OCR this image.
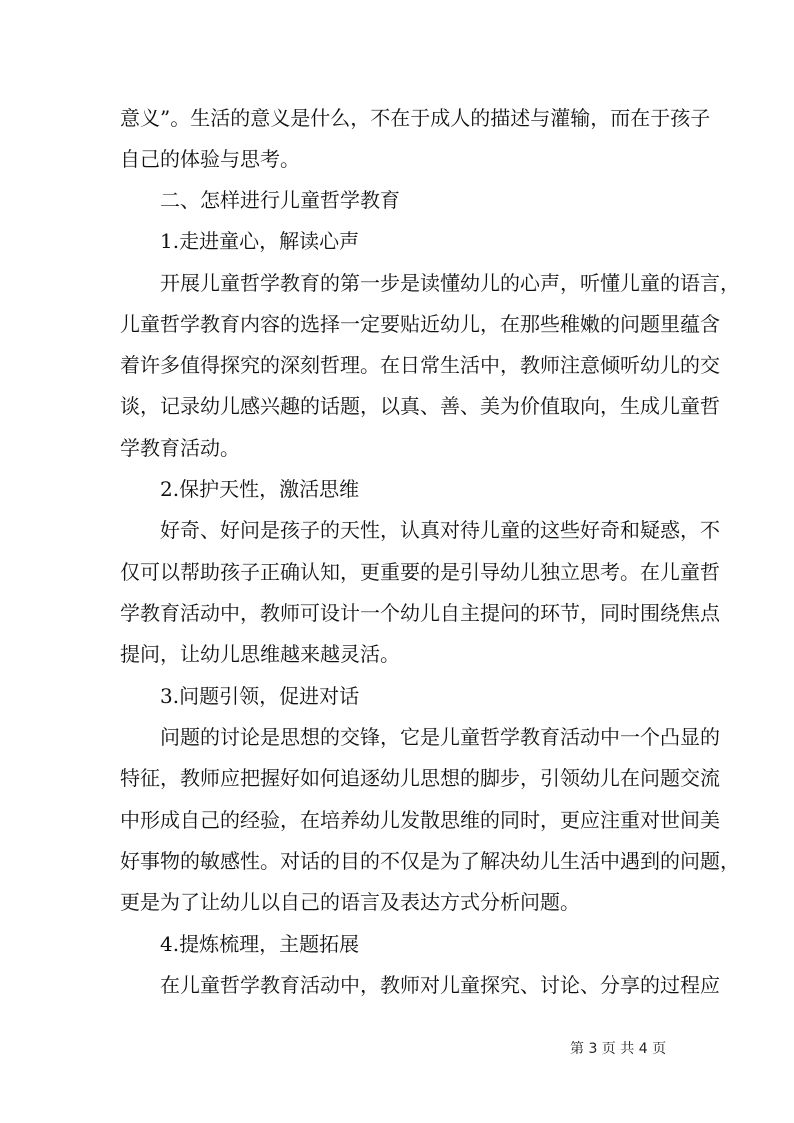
意义”。生活的意义是什么，不在于成人的描述与灌输，而在于孩子
自己的体验与思考。
二、怎样进行儿童哲学教育
1.走进童心，解读心声
开展儿童哲学教育的第一步是读懂幼儿的心声，听懂儿童的语言，
儿童哲学教育内容的选择一定要贴近幼儿，在那些稚嫩的问题里蕴含
着许多值得探究的深刻哲理。在日常生活中，教师注意倾听幼儿的交
谈，记录幼儿感兴趣的话题，以真、善、美为价值取向，生成儿童哲
学教育活动。
2.保护天性，激活思维
好奇、好问是孩子的天性，认真对待儿童的这些好奇和疑惑，不
仅可以帮助孩子正确认知，更重要的是引导幼儿独立思考。在儿童哲
学教育活动中，教师可设计一个幼儿自主提问的环节，同时围绕焦点
提问，让幼儿思维越来越灵活。
3.问题引领，促进对话
问题的讨论是思想的交锋，它是儿童哲学教育活动中一个凸显的
特征，教师应把握好如何追逐幼儿思想的脚步，引领幼儿在问题交流
中形成自己的经验，在培养幼儿发散思维的同时，更应注重对世间美
好事物的敏感性。对话的目的不仅是为了解决幼儿生活中遇到的问题，
更是为了让幼儿以自己的语言及表达方式分析问题。
4.提炼梳理，主题拓展
在儿童哲学教育活动中，教师对儿童探究、讨论、分享的过程应
第 3 页 共 4 页
